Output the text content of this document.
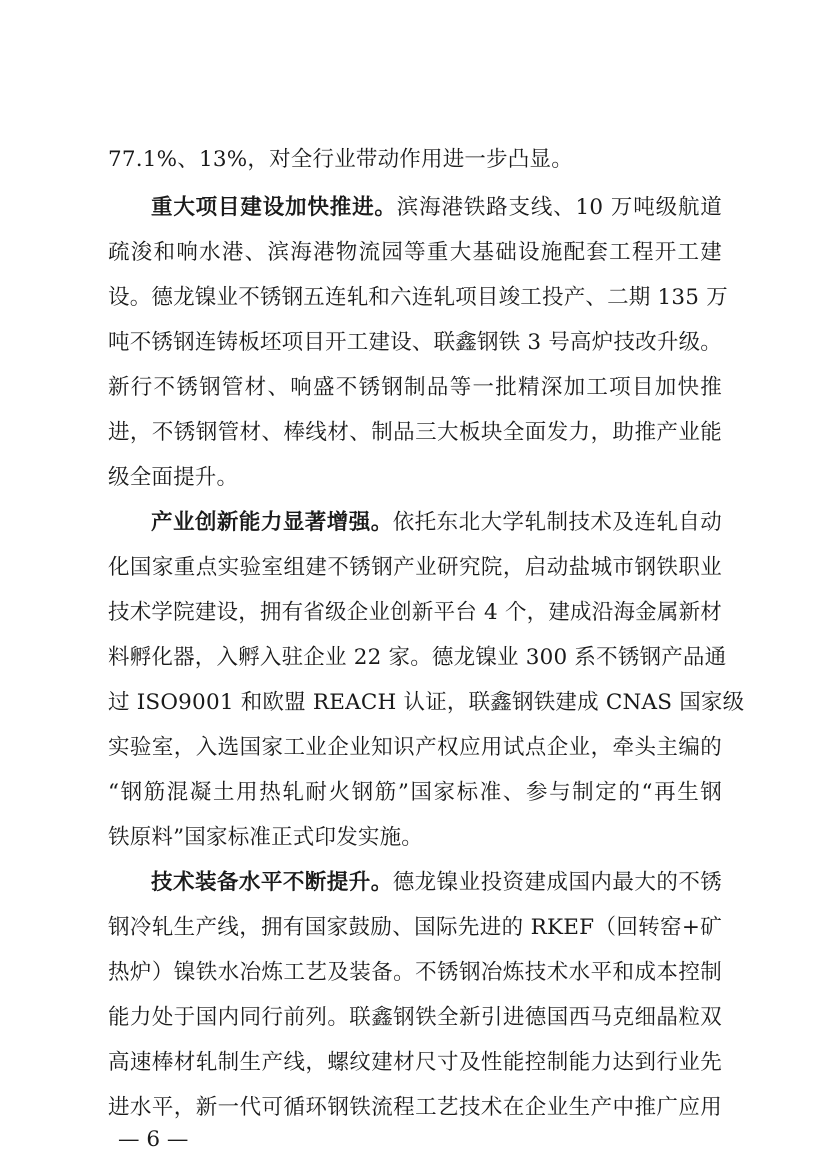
77.1%、13%，对全行业带动作用进一步凸显。
重大项目建设加快推进。滨海港铁路支线、10 万吨级航道
疏浚和响水港、滨海港物流园等重大基础设施配套工程开工建
设。德龙镍业不锈钢五连轧和六连轧项目竣工投产、二期 135 万
吨不锈钢连铸板坯项目开工建设、联鑫钢铁 3 号高炉技改升级。
新行不锈钢管材、响盛不锈钢制品等一批精深加工项目加快推
进，不锈钢管材、棒线材、制品三大板块全面发力，助推产业能
级全面提升。
产业创新能力显著增强。依托东北大学轧制技术及连轧自动
化国家重点实验室组建不锈钢产业研究院，启动盐城市钢铁职业
技术学院建设，拥有省级企业创新平台 4 个，建成沿海金属新材
料孵化器，入孵入驻企业 22 家。德龙镍业 300 系不锈钢产品通
过 ISO9001 和欧盟 REACH 认证，联鑫钢铁建成 CNAS 国家级
实验室，入选国家工业企业知识产权应用试点企业，牵头主编的
“钢筋混凝土用热轧耐火钢筋”国家标准、参与制定的“再生钢
铁原料”国家标准正式印发实施。
技术装备水平不断提升。德龙镍业投资建成国内最大的不锈
钢冷轧生产线，拥有国家鼓励、国际先进的 RKEF（回转窑+矿
热炉）镍铁水冶炼工艺及装备。不锈钢冶炼技术水平和成本控制
能力处于国内同行前列。联鑫钢铁全新引进德国西马克细晶粒双
高速棒材轧制生产线，螺纹建材尺寸及性能控制能力达到行业先
进水平，新一代可循环钢铁流程工艺技术在企业生产中推广应用
— 6 —
